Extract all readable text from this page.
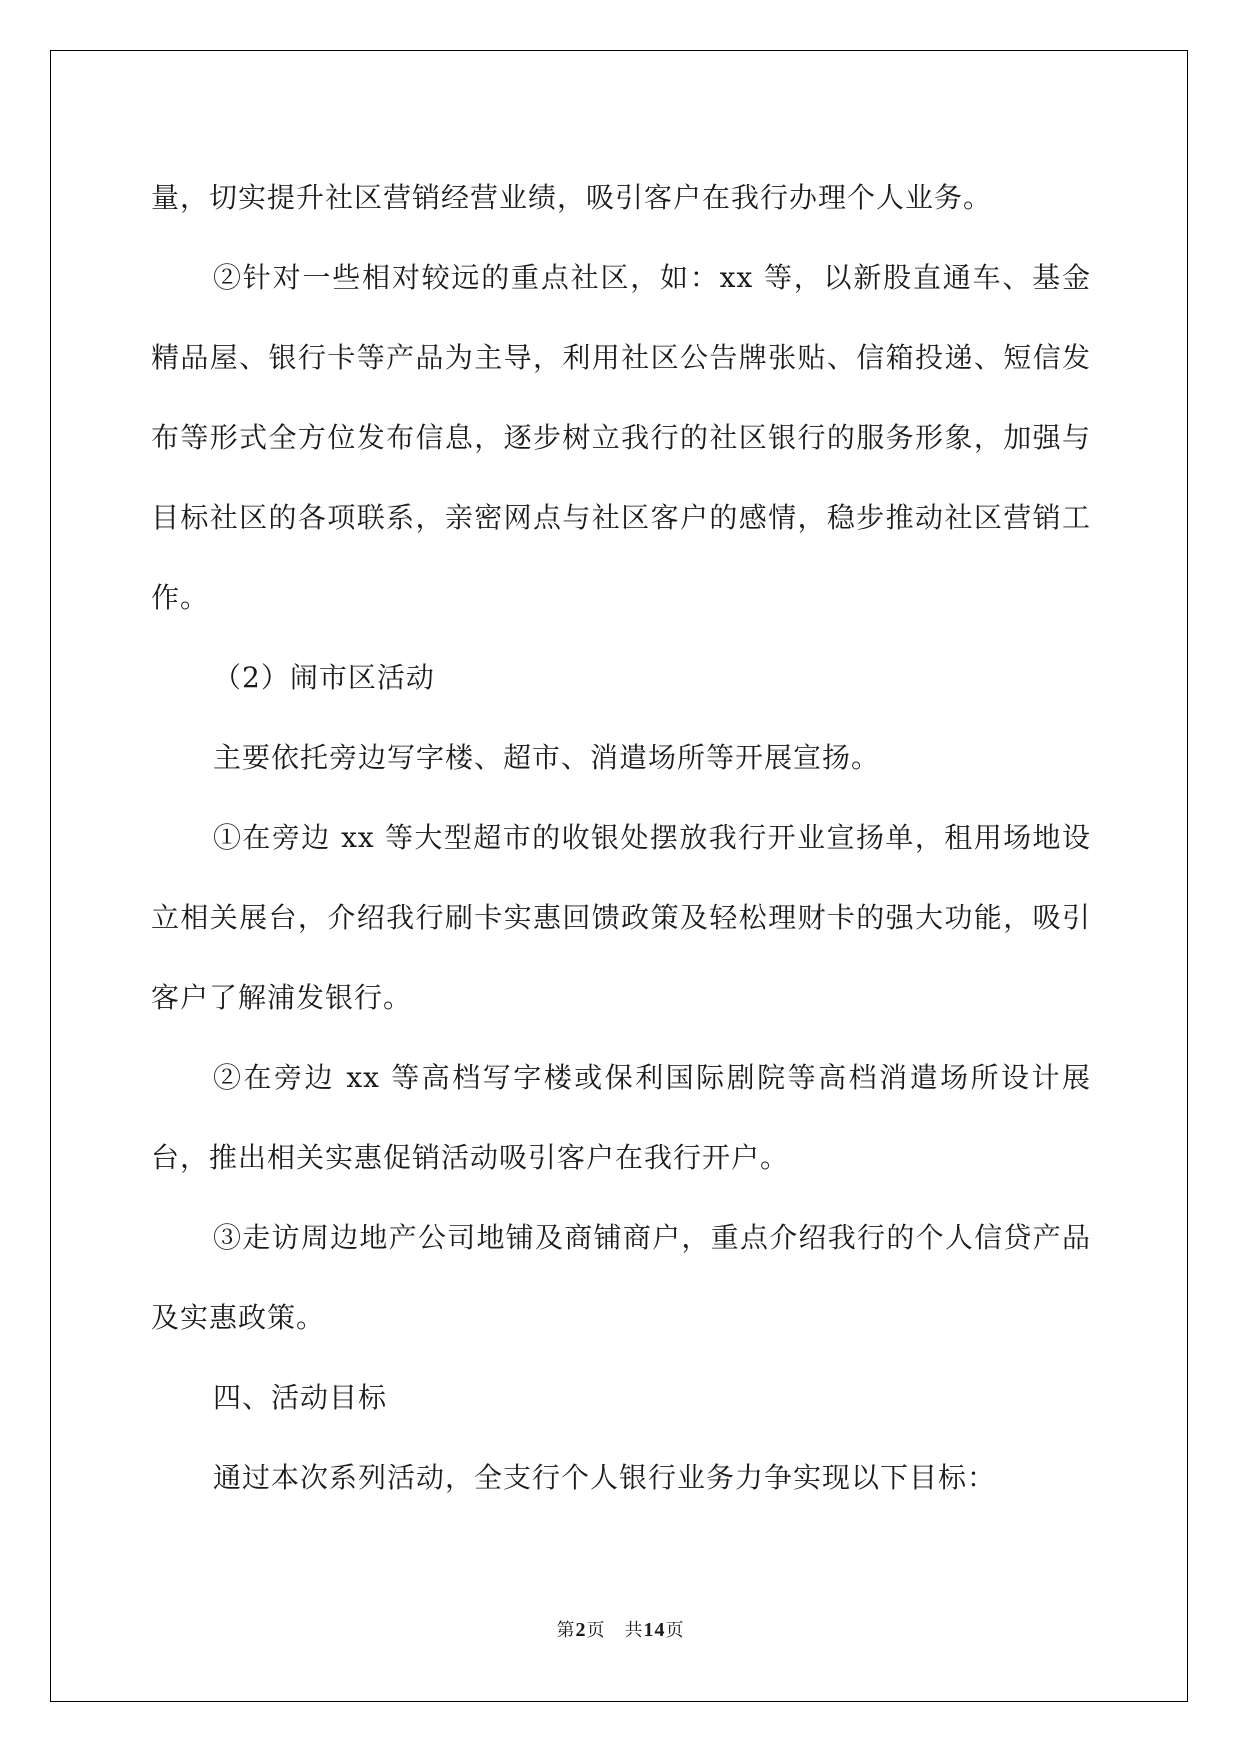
量，切实提升社区营销经营业绩，吸引客户在我行办理个人业务。

②针对一些相对较远的重点社区，如：xx 等，以新股直通车、基金精品屋、银行卡等产品为主导，利用社区公告牌张贴、信箱投递、短信发布等形式全方位发布信息，逐步树立我行的社区银行的服务形象，加强与目标社区的各项联系，亲密网点与社区客户的感情，稳步推动社区营销工作。

（2）闹市区活动

主要依托旁边写字楼、超市、消遣场所等开展宣扬。

①在旁边 xx 等大型超市的收银处摆放我行开业宣扬单，租用场地设立相关展台，介绍我行刷卡实惠回馈政策及轻松理财卡的强大功能，吸引客户了解浦发银行。

②在旁边 xx 等高档写字楼或保利国际剧院等高档消遣场所设计展台，推出相关实惠促销活动吸引客户在我行开户。

③走访周边地产公司地铺及商铺商户，重点介绍我行的个人信贷产品及实惠政策。

四、活动目标

通过本次系列活动，全支行个人银行业务力争实现以下目标：

第2页　共14页
